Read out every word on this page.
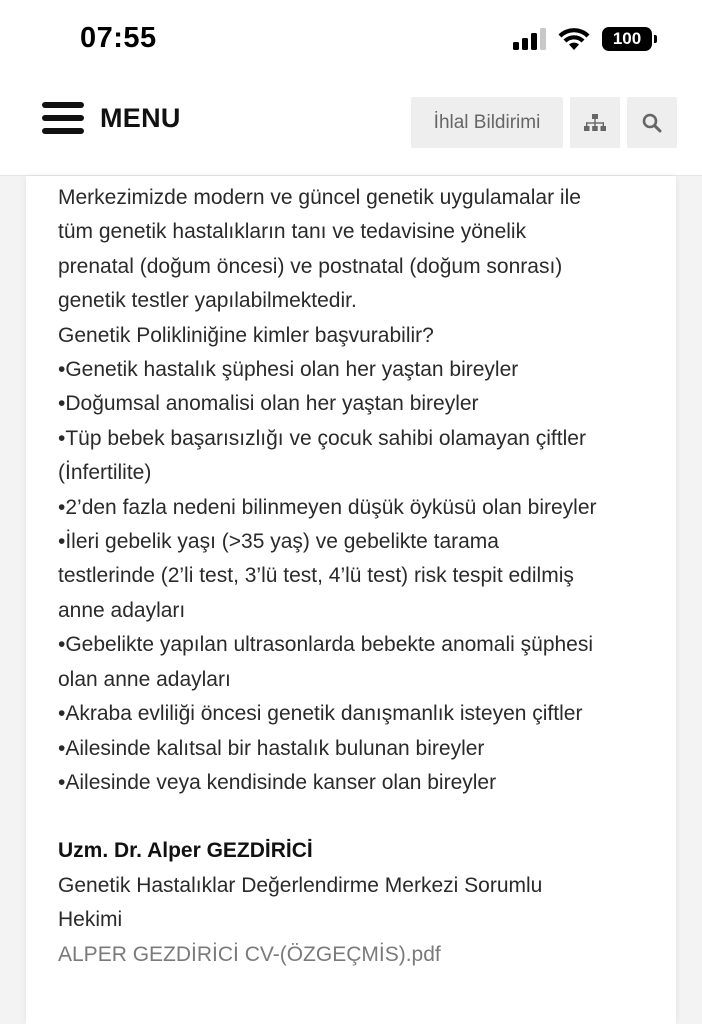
07:55	100
MENU	İhlal Bildirimi

Merkezimizde modern ve güncel genetik uygulamalar ile

tüm genetik hastalıkların tanı ve tedavisine yönelik

prenatal (doğum öncesi) ve postnatal (doğum sonrası)

genetik testler yapılabilmektedir.

Genetik Polikliniğine kimler başvurabilir?

•Genetik hastalık şüphesi olan her yaştan bireyler

•Doğumsal anomalisi olan her yaştan bireyler

•Tüp bebek başarısızlığı ve çocuk sahibi olamayan çiftler

(İnfertilite)

•2’den fazla nedeni bilinmeyen düşük öyküsü olan bireyler

•İleri gebelik yaşı (>35 yaş) ve gebelikte tarama

testlerinde (2’li test, 3’lü test, 4’lü test) risk tespit edilmiş

anne adayları

•Gebelikte yapılan ultrasonlarda bebekte anomali şüphesi

olan anne adayları

•Akraba evliliği öncesi genetik danışmanlık isteyen çiftler

•Ailesinde kalıtsal bir hastalık bulunan bireyler

•Ailesinde veya kendisinde kanser olan bireyler

Uzm. Dr. Alper GEZDİRİCİ

Genetik Hastalıklar Değerlendirme Merkezi Sorumlu

Hekimi

ALPER GEZDİRİCİ CV-(ÖZGEÇMİS).pdf
